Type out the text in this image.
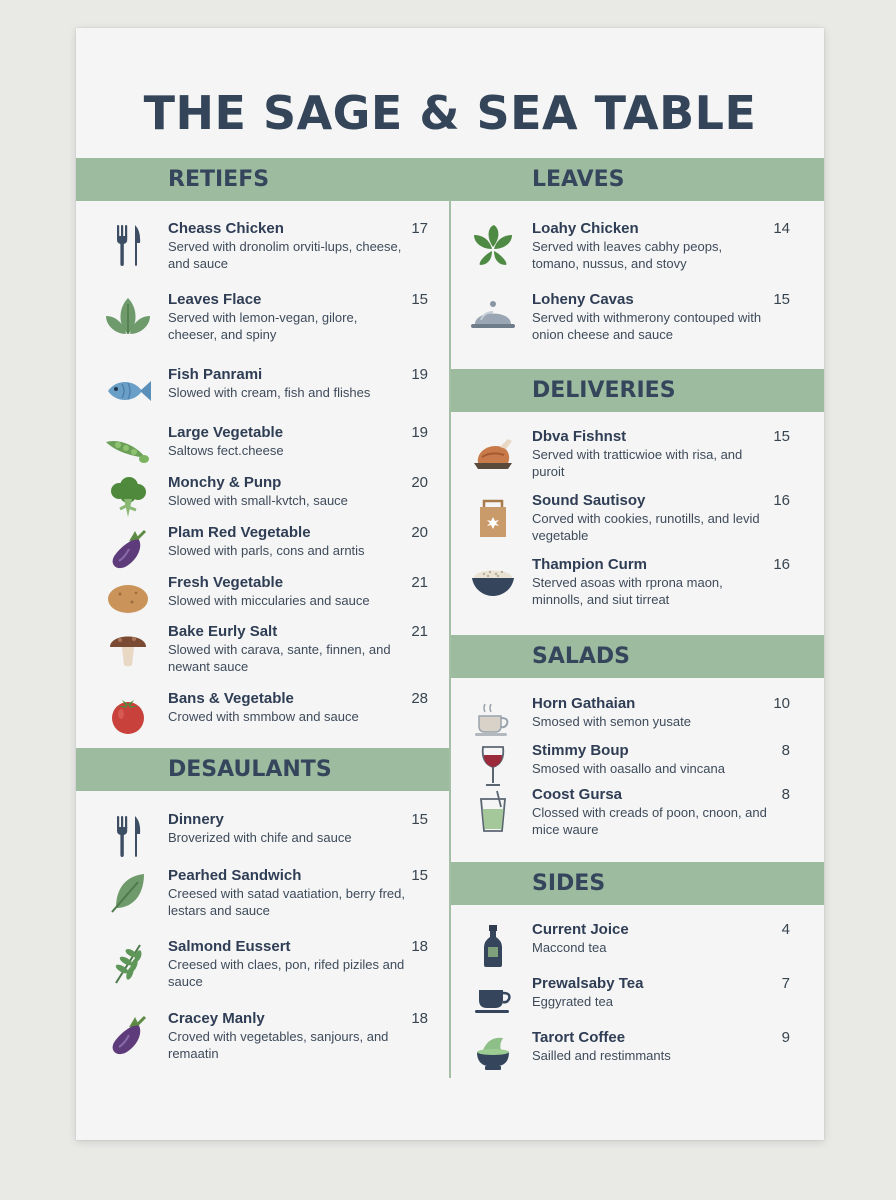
THE SAGE & SEA TABLE
RETIEFS	LEAVES
DESAULANTS
DELIVERIES
SALADS
SIDES
Cheass Chicken
Served with dronolim orviti-lups, cheese, and sauce
17
Leaves Flace
Served with lemon-vegan, gilore, cheeser, and spiny
15
Fish Panrami
Slowed with cream, fish and flishes
19
Large Vegetable
Saltows fect.cheese
19
Monchy & Punp
Slowed with small-kvtch, sauce
20
Plam Red Vegetable
Slowed with parls, cons and arntis
20
Fresh Vegetable
Slowed with miccularies and sauce
21
Bake Eurly Salt
Slowed with carava, sante, finnen, and newant sauce
21
Bans & Vegetable
Crowed with smmbow and sauce
28
Dinnery
Broverized with chife and sauce
15
Pearhed Sandwich
Creesed with satad vaatiation, berry fred, lestars and sauce
15
Salmond Eussert
Creesed with claes, pon, rifed piziles and sauce
18
Cracey Manly
Croved with vegetables, sanjours, and remaatin
18
Loahy Chicken
Served with leaves cabhy peops, tomano, nussus, and stovy
14
Loheny Cavas
Served with withmerony contouped with onion cheese and sauce
15
Dbva Fishnst
Served with tratticwioe with risa, and puroit
15
Sound Sautisoy
Corved with cookies, runotills, and levid vegetable
16
Thampion Curm
Sterved asoas with rprona maon, minnolls, and siut tirreat
16
Horn Gathaian
Smosed with semon yusate
10
Stimmy Boup
Smosed with oasallo and vincana
8
Coost Gursa
Clossed with creads of poon, cnoon, and mice waure
8
Current Joice
Maccond tea
4
Prewalsaby Tea
Eggyrated tea
7
Tarort Coffee
Sailled and restimmants
9
